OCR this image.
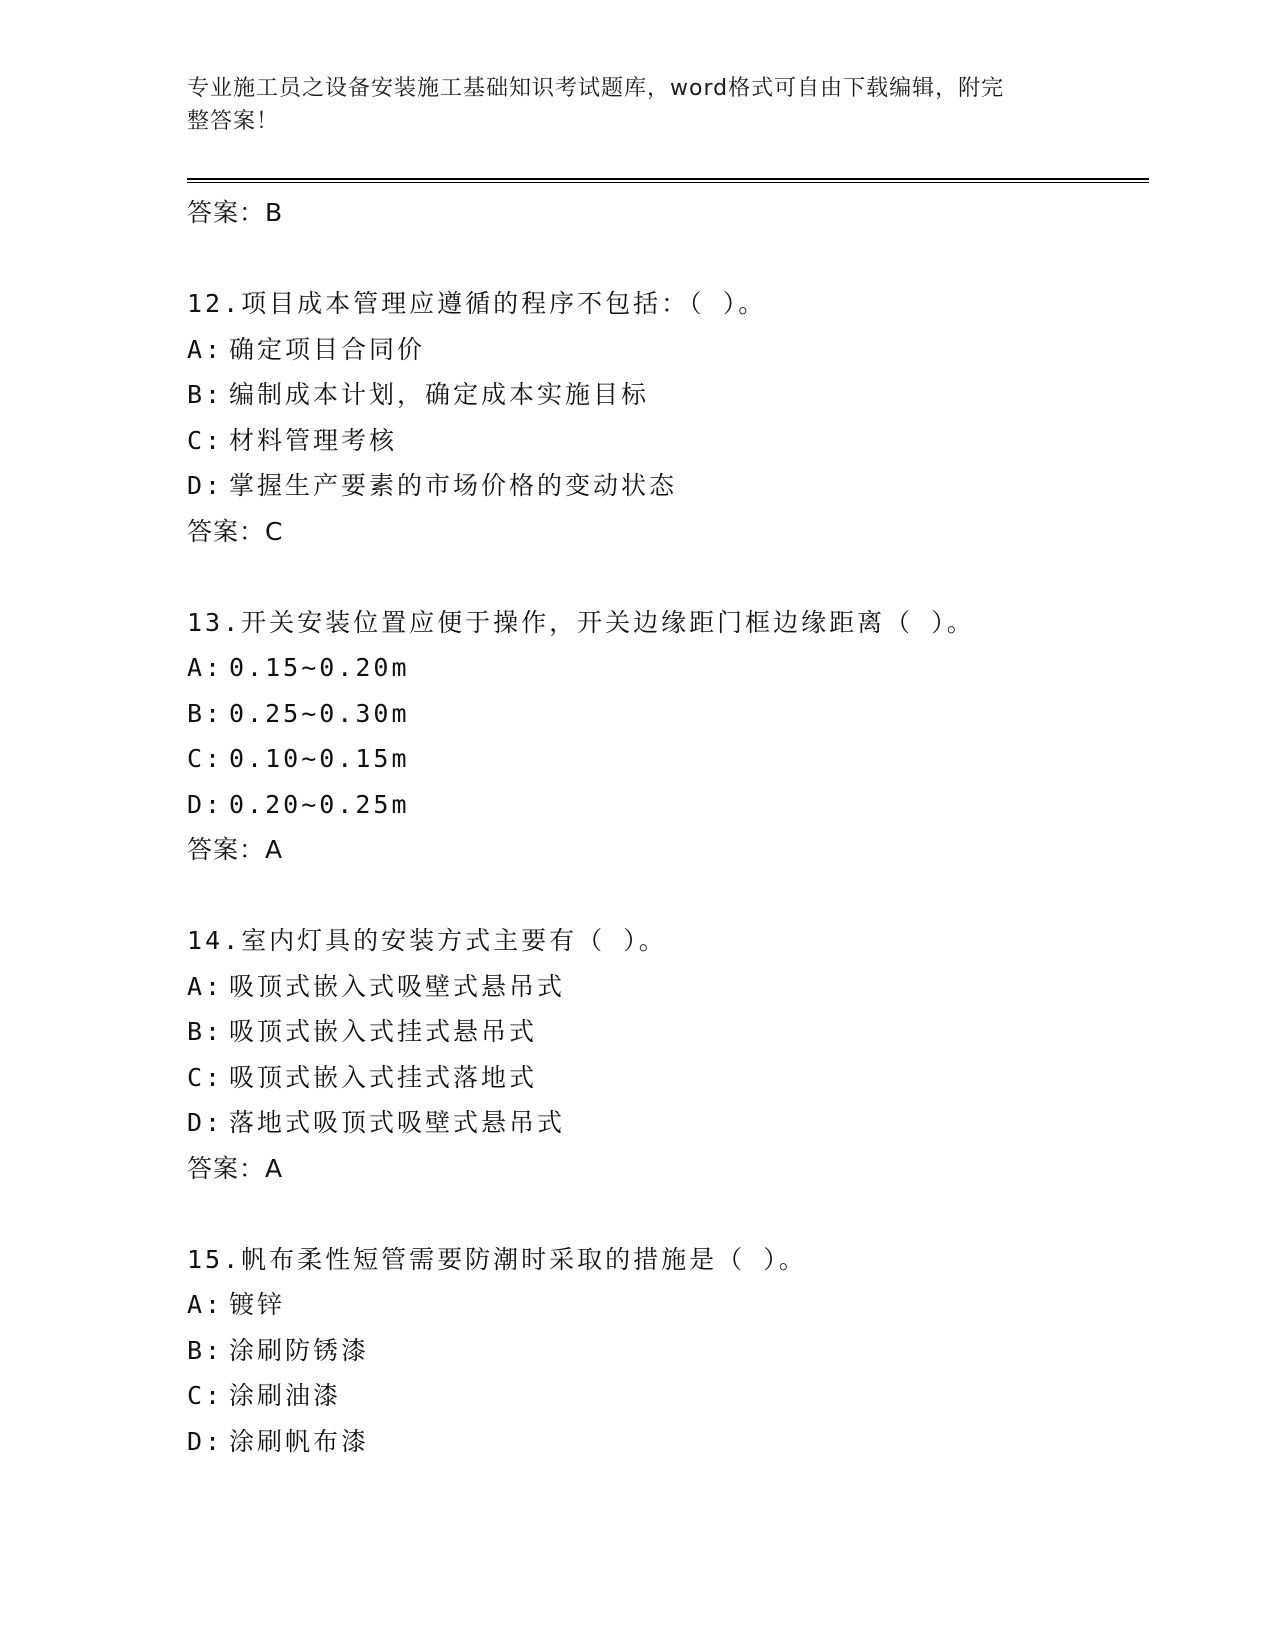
专业施工员之设备安装施工基础知识考试题库，word格式可自由下载编辑，附完
整答案！
答案：B
12.项目成本管理应遵循的程序不包括：（ ）。
A: 确定项目合同价
B: 编制成本计划，确定成本实施目标
C: 材料管理考核
D: 掌握生产要素的市场价格的变动状态
答案：C
13.开关安装位置应便于操作，开关边缘距门框边缘距离（ ）。
A: 0.15~0.20m
B: 0.25~0.30m
C: 0.10~0.15m
D: 0.20~0.25m
答案：A
14.室内灯具的安装方式主要有（ ）。
A: 吸顶式嵌入式吸壁式悬吊式
B: 吸顶式嵌入式挂式悬吊式
C: 吸顶式嵌入式挂式落地式
D: 落地式吸顶式吸壁式悬吊式
答案：A
15.帆布柔性短管需要防潮时采取的措施是（ ）。
A: 镀锌
B: 涂刷防锈漆
C: 涂刷油漆
D: 涂刷帆布漆
